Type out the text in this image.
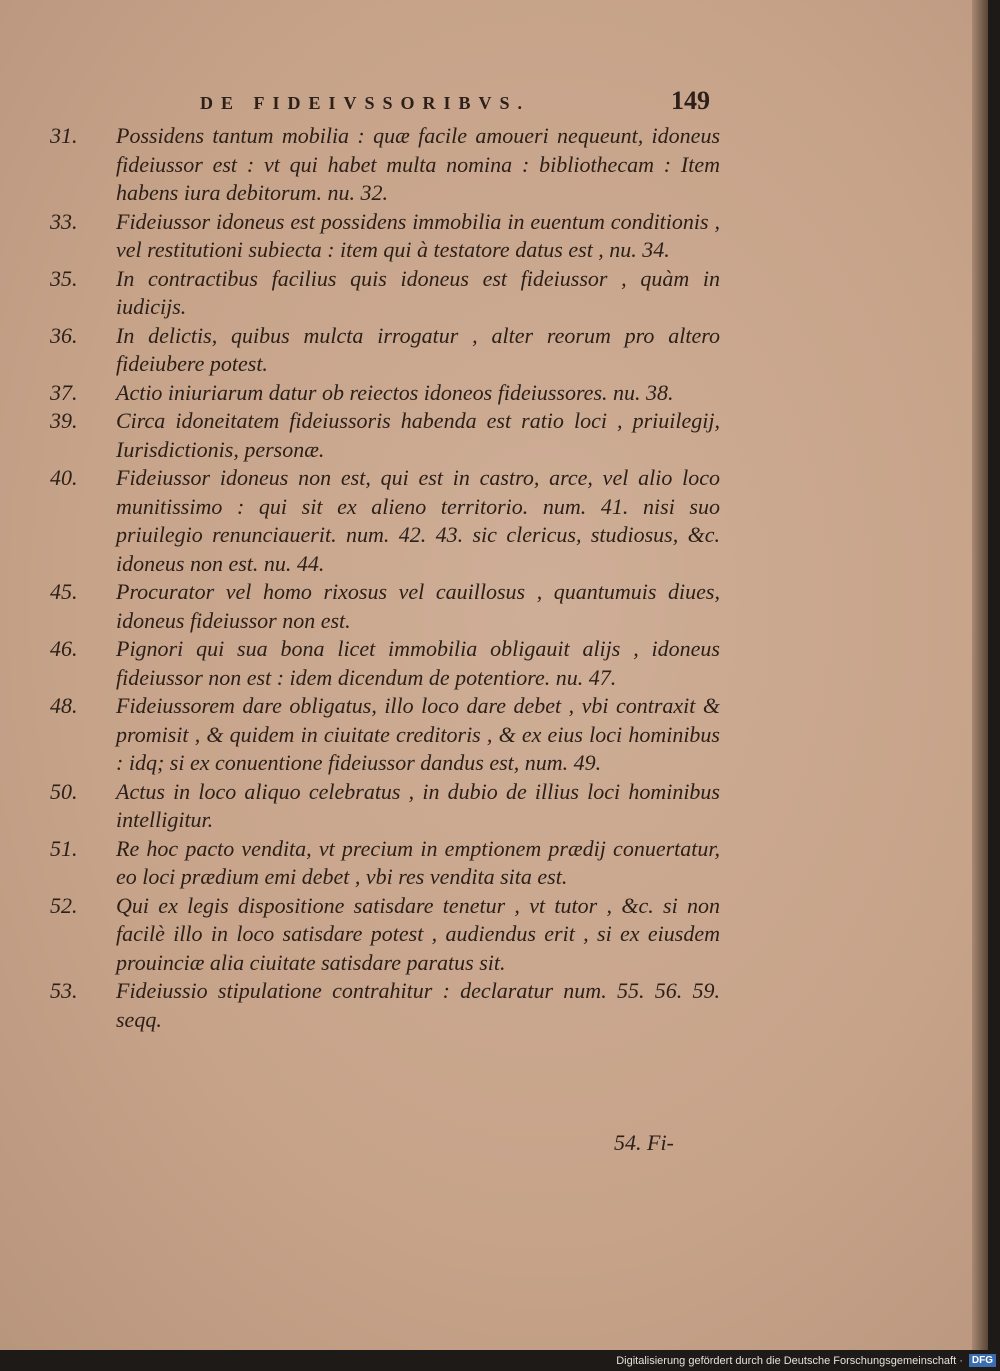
DE FIDEIVSSORIBVS.	149
31.	Possidens tantum mobilia : quæ facile amoueri nequeunt, idoneus fideiussor est : vt qui habet multa nomina : bibliothecam : Item habens iura debitorum. nu. 32.
33.	Fideiussor idoneus est possidens immobilia in euentum conditionis , vel restitutioni subiecta : item qui à testatore datus est , nu. 34.
35.	In contractibus facilius quis idoneus est fideiussor , quàm in iudicijs.
36.	In delictis, quibus mulcta irrogatur , alter reorum pro altero fideiubere potest.
37.	Actio iniuriarum datur ob reiectos idoneos fideiussores. nu. 38.
39.	Circa idoneitatem fideiussoris habenda est ratio loci , priuilegij, Iurisdictionis, personæ.
40.	Fideiussor idoneus non est, qui est in castro, arce, vel alio loco munitissimo : qui sit ex alieno territorio. num. 41. nisi suo priuilegio renunciauerit. num. 42. 43. sic clericus, studiosus, &c. idoneus non est. nu. 44.
45.	Procurator vel homo rixosus vel cauillosus , quantumuis diues, idoneus fideiussor non est.
46.	Pignori qui sua bona licet immobilia obligauit alijs , idoneus fideiussor non est : idem dicendum de potentiore. nu. 47.
48.	Fideiussorem dare obligatus, illo loco dare debet , vbi contraxit & promisit , & quidem in ciuitate creditoris , & ex eius loci hominibus : idq; si ex conuentione fideiussor dandus est, num. 49.
50.	Actus in loco aliquo celebratus , in dubio de illius loci hominibus intelligitur.
51.	Re hoc pacto vendita, vt precium in emptionem prædij conuertatur, eo loci prædium emi debet , vbi res vendita sita est.
52.	Qui ex legis dispositione satisdare tenetur , vt tutor , &c. si non facilè illo in loco satisdare potest , audiendus erit , si ex eiusdem prouinciæ alia ciuitate satisdare paratus sit.
53.	Fideiussio stipulatione contrahitur : declaratur num. 55. 56. 59. seqq.
54. Fi-
Digitalisierung gefördert durch die Deutsche Forschungsgemeinschaft · DFG
